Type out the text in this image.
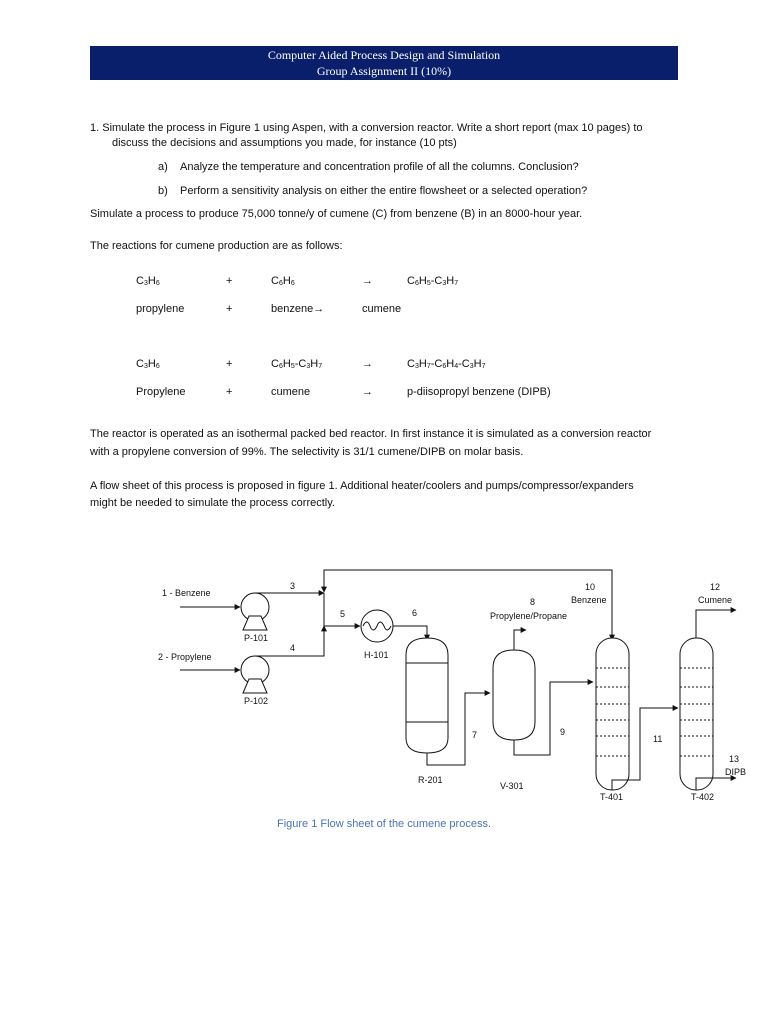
Computer Aided Process Design and Simulation
Group Assignment II (10%)
1. Simulate the process in Figure 1 using Aspen, with a conversion reactor. Write a short report (max 10 pages) to
discuss the decisions and assumptions you made, for instance (10 pts)
a) Analyze the temperature and concentration profile of all the columns. Conclusion?
b) Perform a sensitivity analysis on either the entire flowsheet or a selected operation?
Simulate a process to produce 75,000 tonne/y of cumene (C) from benzene (B) in an 8000-hour year.
The reactions for cumene production are as follows:
$C_3H_6$	+	$C_6H_6$	→	$C_6H_5-C_3H_7$
propylene	+	benzene→	cumene
$C_3H_6$	+	$C_6H_5-C_3H_7$	→	$C_3H_7-C_6H_4-C_3H_7$
Propylene	+	cumene	→	p-diisopropyl benzene (DIPB)
The reactor is operated as an isothermal packed bed reactor. In first instance it is simulated as a conversion reactor
with a propylene conversion of 99%. The selectivity is 31/1 cumene/DIPB on molar basis.
A flow sheet of this process is proposed in figure 1. Additional heater/coolers and pumps/compressor/expanders
might be needed to simulate the process correctly.
1 - Benzene
2 - Propylene
3
4
5	6
7
8
Propylene/Propane
9
10
Benzene
11
12
Cumene
13
DIPB
P-101
P-102
H-101
R-201
V-301
T-401	T-402
Figure 1 Flow sheet of the cumene process.
